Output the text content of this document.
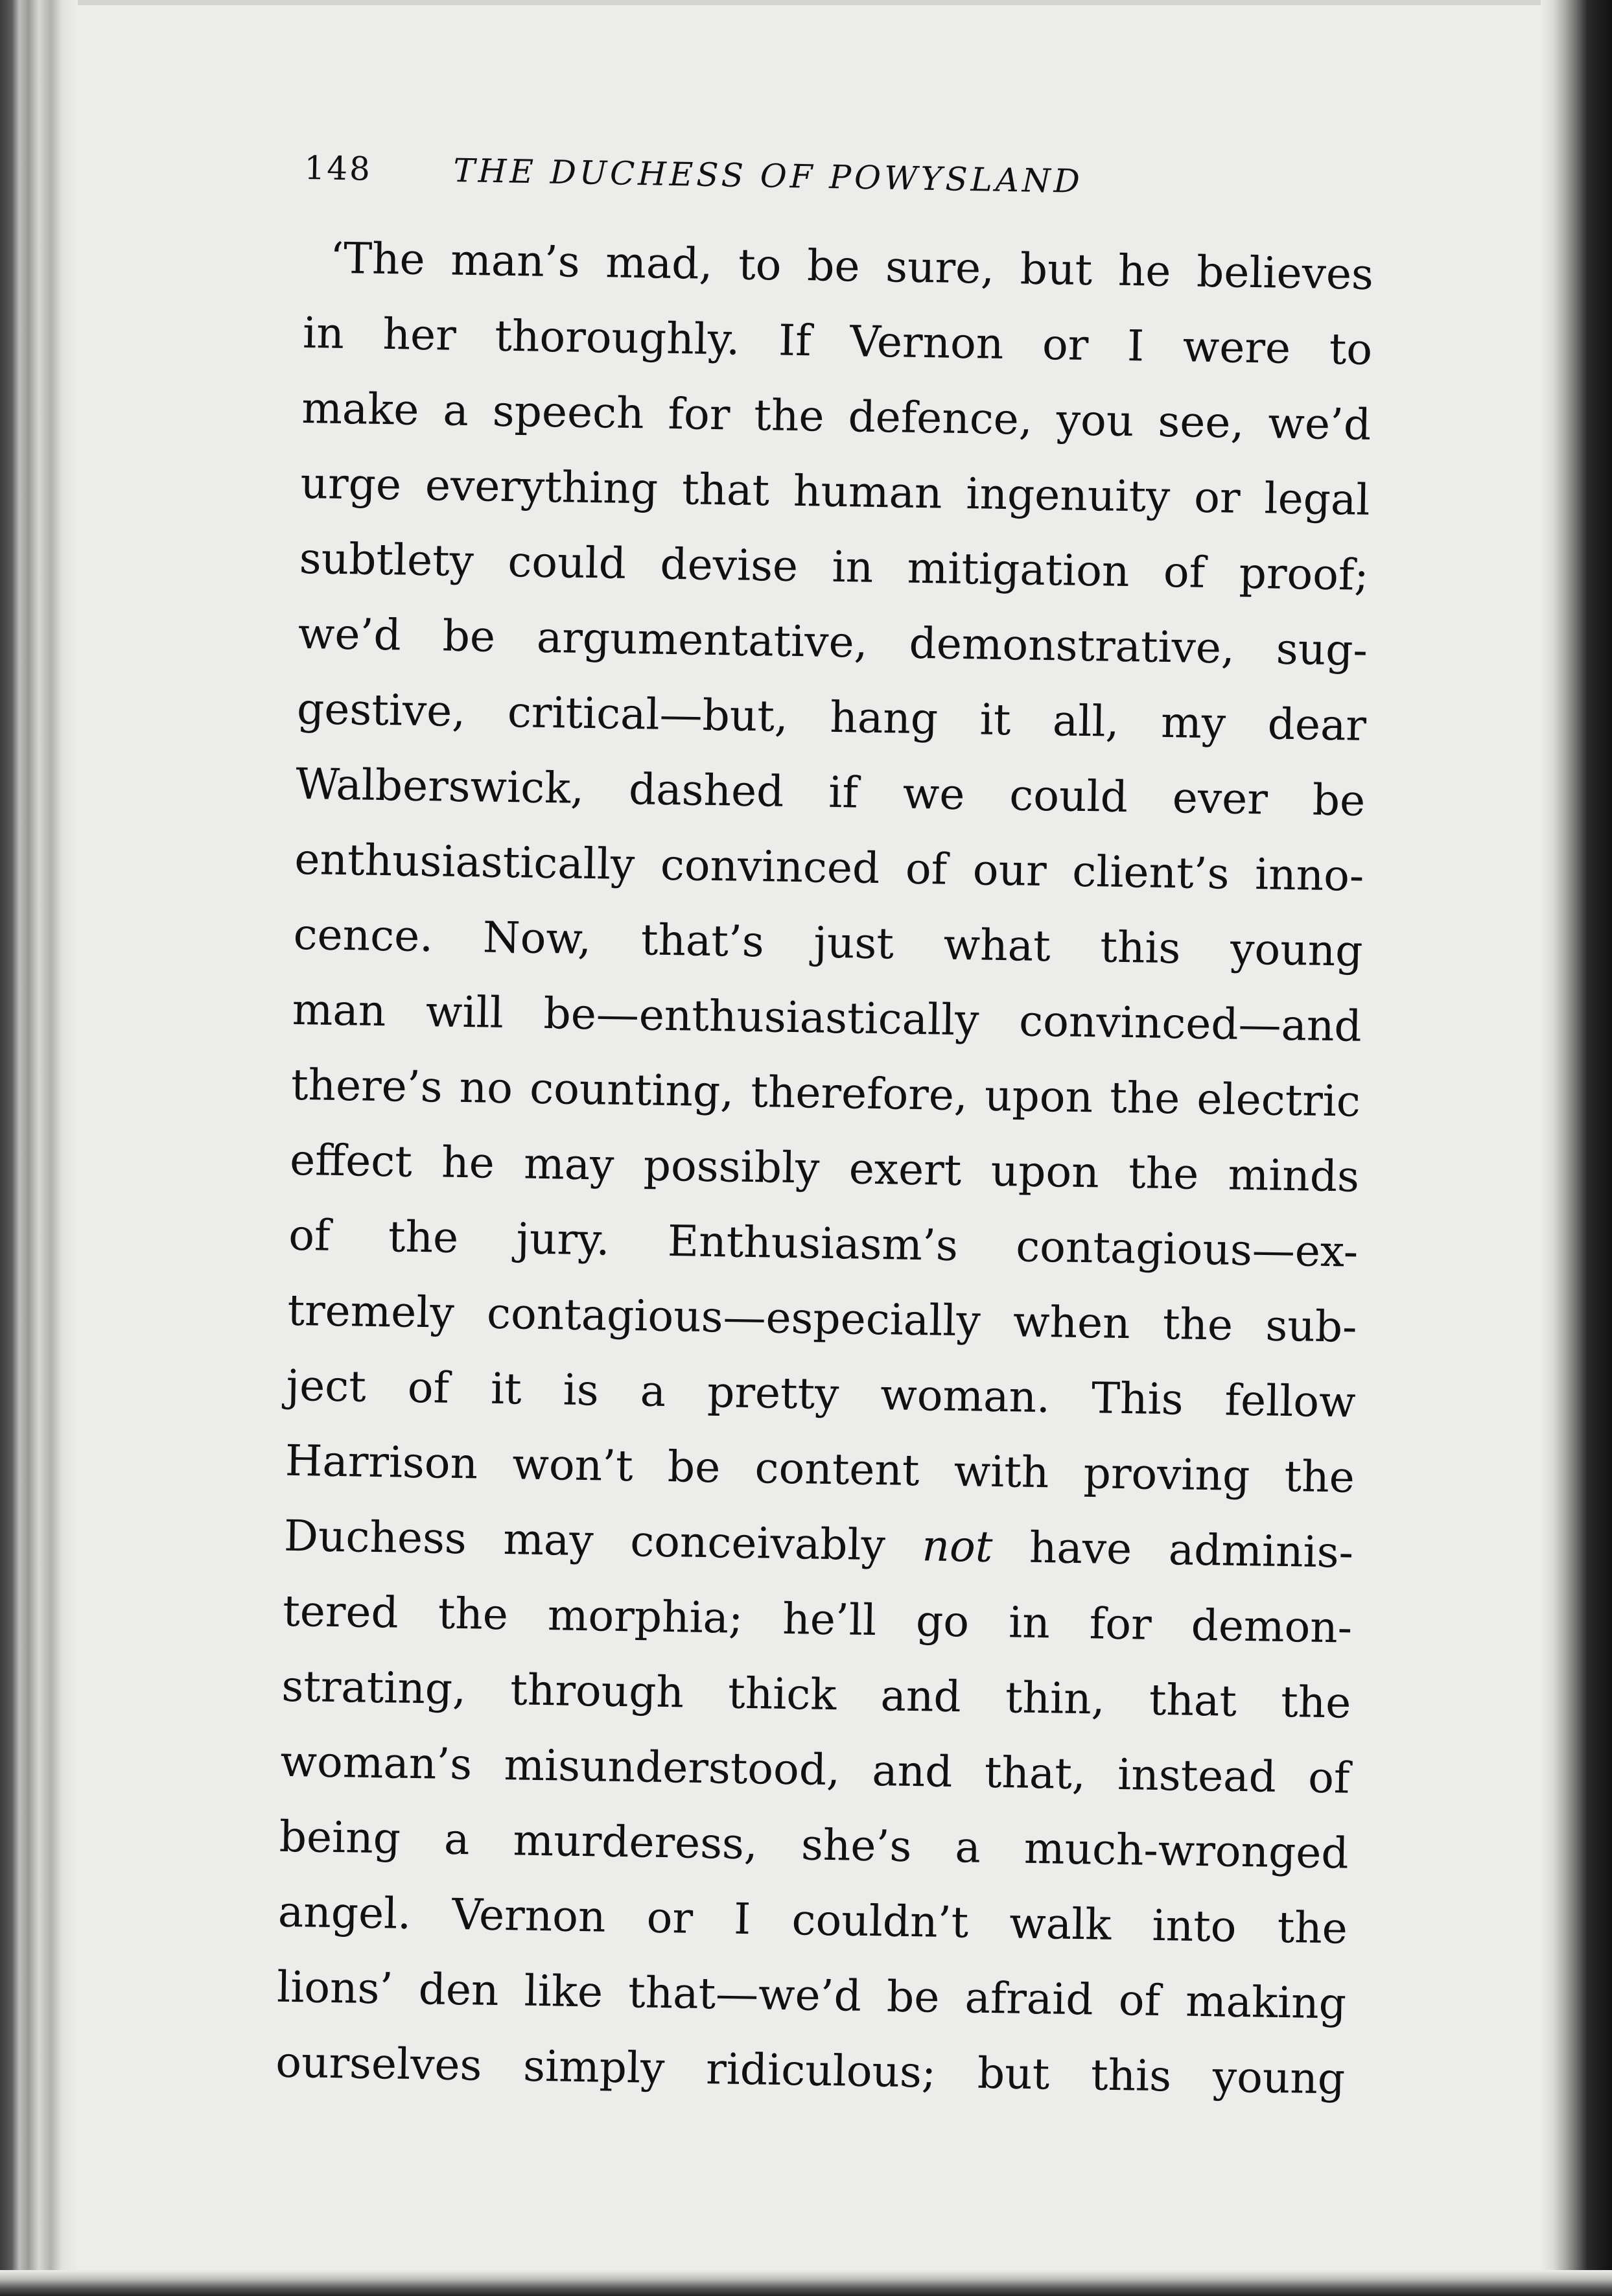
148	THE DUCHESS OF POWYSLAND
‘The man’s mad, to be sure, but he believes
in her thoroughly. If Vernon or I were to
make a speech for the defence, you see, we’d
urge everything that human ingenuity or legal
subtlety could devise in mitigation of proof;
we’d be argumentative, demonstrative, sug-
gestive, critical—but, hang it all, my dear
Walberswick, dashed if we could ever be
enthusiastically convinced of our client’s inno-
cence. Now, that’s just what this young
man will be—enthusiastically convinced—and
there’s no counting, therefore, upon the electric
effect he may possibly exert upon the minds
of the jury. Enthusiasm’s contagious—ex-
tremely contagious—especially when the sub-
ject of it is a pretty woman. This fellow
Harrison won’t be content with proving the
Duchess may conceivably not have adminis-
tered the morphia; he’ll go in for demon-
strating, through thick and thin, that the
woman’s misunderstood, and that, instead of
being a murderess, she’s a much-wronged
angel. Vernon or I couldn’t walk into the
lions’ den like that—we’d be afraid of making
ourselves simply ridiculous; but this young
